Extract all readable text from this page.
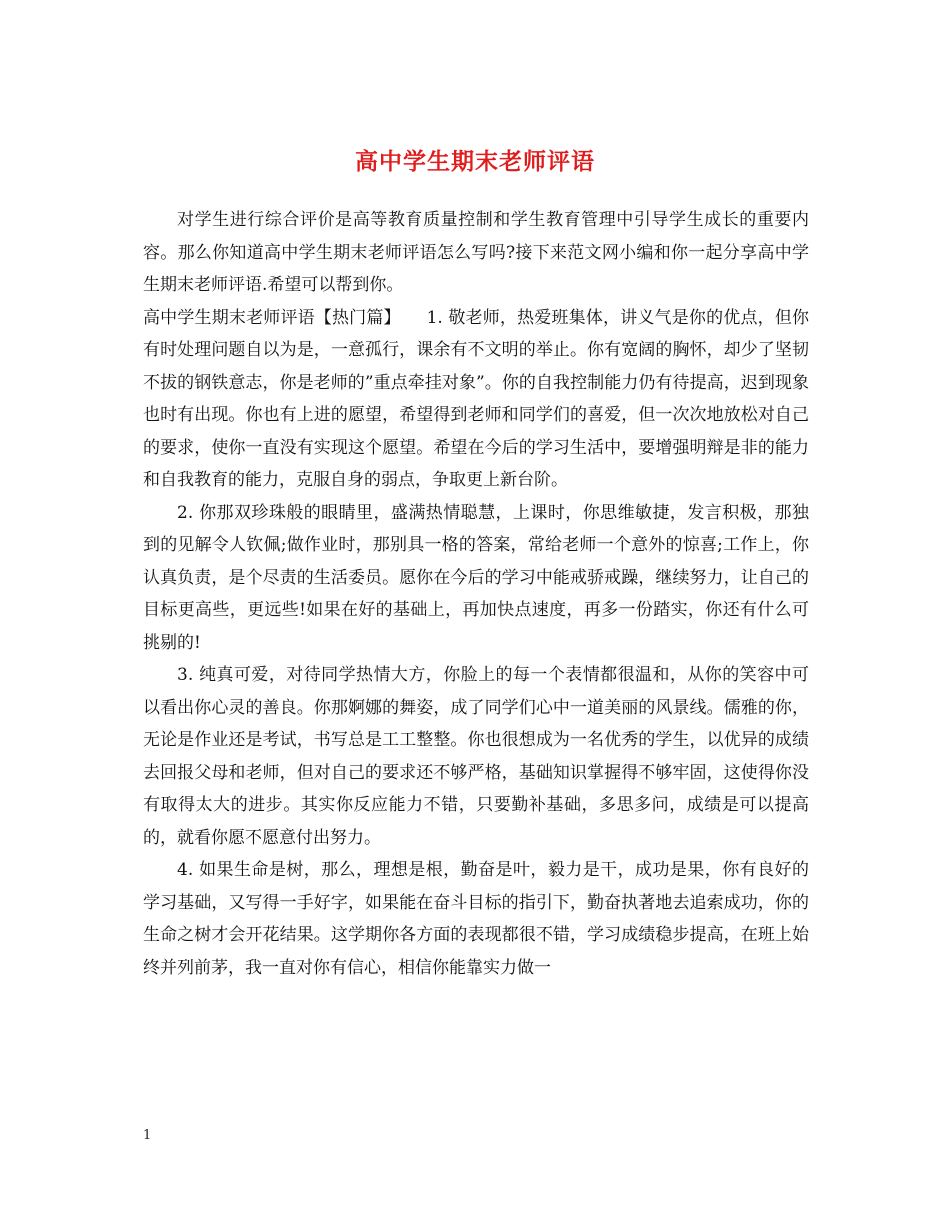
高中学生期末老师评语

对学生进行综合评价是高等教育质量控制和学生教育管理中引导学生成长的重要内容。那么你知道高中学生期末老师评语怎么写吗?接下来范文网小编和你一起分享高中学生期末老师评语.希望可以帮到你。

高中学生期末老师评语【热门篇】　　1. 敬老师，热爱班集体，讲义气是你的优点，但你有时处理问题自以为是，一意孤行，课余有不文明的举止。你有宽阔的胸怀，却少了坚韧不拔的钢铁意志，你是老师的”重点牵挂对象”。你的自我控制能力仍有待提高，迟到现象也时有出现。你也有上进的愿望，希望得到老师和同学们的喜爱，但一次次地放松对自己的要求，使你一直没有实现这个愿望。希望在今后的学习生活中，要增强明辩是非的能力和自我教育的能力，克服自身的弱点，争取更上新台阶。

2. 你那双珍珠般的眼睛里，盛满热情聪慧，上课时，你思维敏捷，发言积极，那独到的见解令人钦佩;做作业时，那别具一格的答案，常给老师一个意外的惊喜;工作上，你认真负责，是个尽责的生活委员。愿你在今后的学习中能戒骄戒躁，继续努力，让自己的目标更高些，更远些!如果在好的基础上，再加快点速度，再多一份踏实，你还有什么可挑剔的!

3. 纯真可爱，对待同学热情大方，你脸上的每一个表情都很温和，从你的笑容中可以看出你心灵的善良。你那婀娜的舞姿，成了同学们心中一道美丽的风景线。儒雅的你，无论是作业还是考试，书写总是工工整整。你也很想成为一名优秀的学生，以优异的成绩去回报父母和老师，但对自己的要求还不够严格，基础知识掌握得不够牢固，这使得你没有取得太大的进步。其实你反应能力不错，只要勤补基础，多思多问，成绩是可以提高的，就看你愿不愿意付出努力。

4. 如果生命是树，那么，理想是根，勤奋是叶，毅力是干，成功是果，你有良好的学习基础，又写得一手好字，如果能在奋斗目标的指引下，勤奋执著地去追索成功，你的生命之树才会开花结果。这学期你各方面的表现都很不错，学习成绩稳步提高，在班上始终并列前茅，我一直对你有信心，相信你能靠实力做一

1
